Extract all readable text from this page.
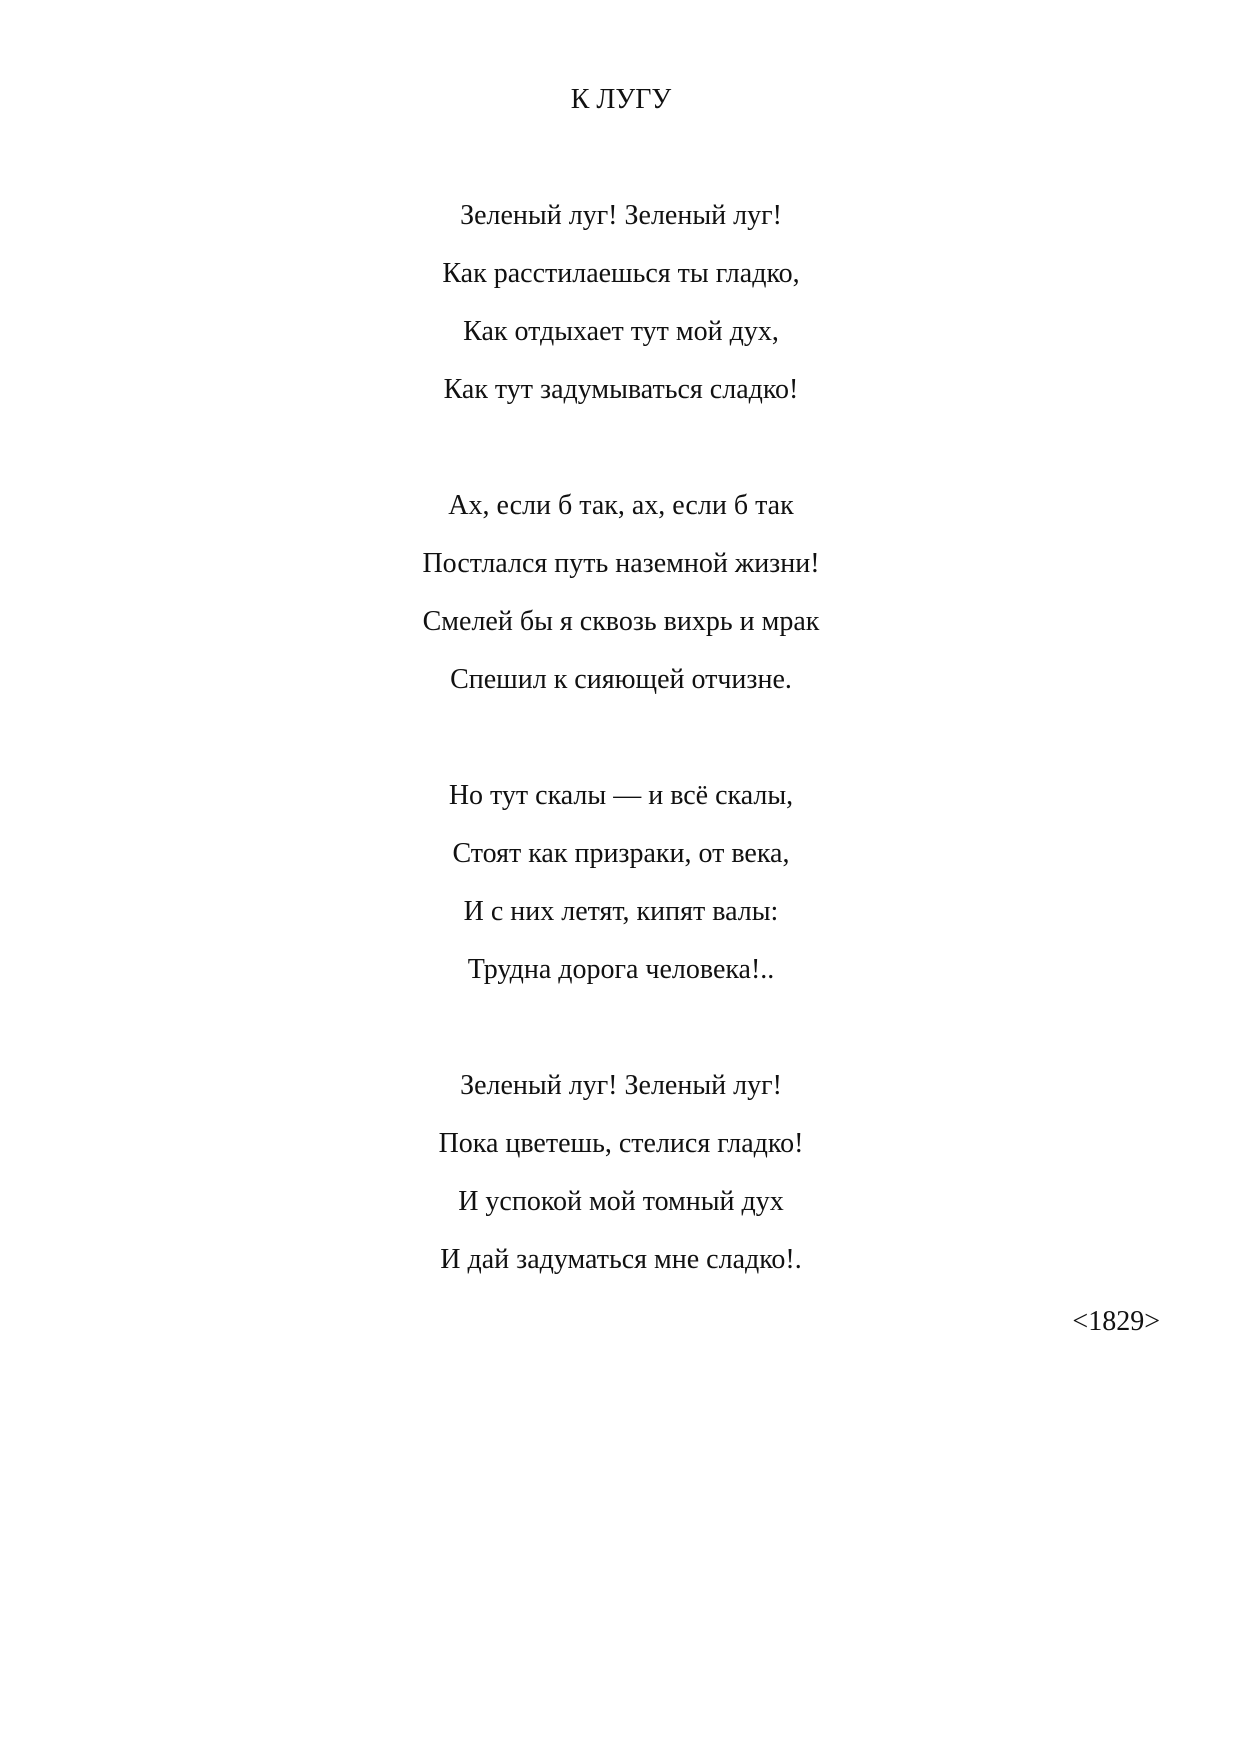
К ЛУГУ
Зеленый луг! Зеленый луг!
Как расстилаешься ты гладко,
Как отдыхает тут мой дух,
Как тут задумываться сладко!
Ах, если б так, ах, если б так
Постлался путь наземной жизни!
Смелей бы я сквозь вихрь и мрак
Спешил к сияющей отчизне.
Но тут скалы — и всё скалы,
Стоят как призраки, от века,
И с них летят, кипят валы:
Трудна дорога человека!..
Зеленый луг! Зеленый луг!
Пока цветешь, стелися гладко!
И успокой мой томный дух
И дай задуматься мне сладко!.
<1829>
